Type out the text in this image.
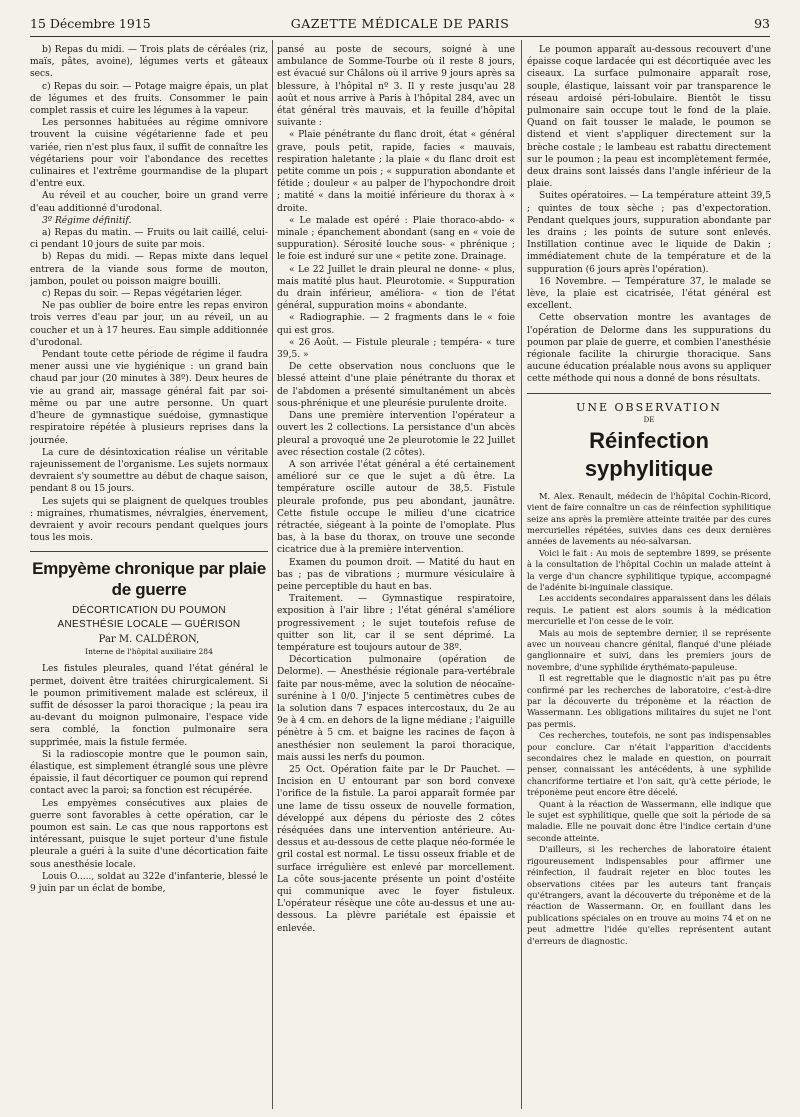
15 Décembre 1915	GAZETTE MÉDICALE DE PARIS	93

b) Repas du midi. — Trois plats de céréales (riz, maïs, pâtes, avoine), légumes verts et gâteaux secs.

c) Repas du soir. — Potage maigre épais, un plat de légumes et des fruits. Consommer le pain complet rassis et cuire les légumes à la vapeur.

Les personnes habituées au régime omnivore trouvent la cuisine végétarienne fade et peu variée, rien n'est plus faux, il suffit de connaître les végétariens pour voir l'abondance des recettes culinaires et l'extrême gourmandise de la plupart d'entre eux.

Au réveil et au coucher, boire un grand verre d'eau additionné d'urodonal.

3º Régime définitif.

a) Repas du matin. — Fruits ou lait caillé, celui-ci pendant 10 jours de suite par mois.

b) Repas du midi. — Repas mixte dans lequel entrera de la viande sous forme de mouton, jambon, poulet ou poisson maigre bouilli.

c) Repas du soir. — Repas végétarien léger.

Ne pas oublier de boire entre les repas environ trois verres d'eau par jour, un au réveil, un au coucher et un à 17 heures. Eau simple additionnée d'urodonal.

Pendant toute cette période de régime il faudra mener aussi une vie hygiénique : un grand bain chaud par jour (20 minutes à 38º). Deux heures de vie au grand air, massage général fait par soi-même ou par une autre personne. Un quart d'heure de gymnastique suédoise, gymnastique respiratoire répétée à plusieurs reprises dans la journée.

La cure de désintoxication réalise un véritable rajeunissement de l'organisme. Les sujets normaux devraient s'y soumettre au début de chaque saison, pendant 8 ou 15 jours.

Les sujets qui se plaignent de quelques troubles : migraines, rhumatismes, névralgies, énervement, devraient y avoir recours pendant quelques jours tous les mois.

Empyème chronique par plaie de guerre
DÉCORTICATION DU POUMON
ANESTHÉSIE LOCALE — GUÉRISON
Par M. CALDÉRON,
Interne de l'hôpital auxiliaire 284

Les fistules pleurales, quand l'état général le permet, doivent être traitées chirurgicalement. Si le poumon primitivement malade est scléreux, il suffit de désosser la paroi thoracique ; la peau ira au-devant du moignon pulmonaire, l'espace vide sera comblé, la fonction pulmonaire sera supprimée, mais la fistule fermée.

Si la radioscopie montre que le poumon sain, élastique, est simplement étranglé sous une plèvre épaissie, il faut décortiquer ce poumon qui reprend contact avec la paroi; sa fonction est récupérée.

Les empyèmes consécutives aux plaies de guerre sont favorables à cette opération, car le poumon est sain. Le cas que nous rapportons est intéressant, puisque le sujet porteur d'une fistule pleurale a guéri à la suite d'une décortication faite sous anesthésie locale.

Louis O....., soldat au 322e d'infanterie, blessé le 9 juin par un éclat de bombe,

pansé au poste de secours, soigné à une ambulance de Somme-Tourbe où il reste 8 jours, est évacué sur Châlons où il arrive 9 jours après sa blessure, à l'hôpital nº 3. Il y reste jusqu'au 28 août et nous arrive à Paris à l'hôpital 284, avec un état général très mauvais, et la feuille d'hôpital suivante :

« Plaie pénétrante du flanc droit, état « général grave, pouls petit, rapide, facies « mauvais, respiration haletante ; la plaie « du flanc droit est petite comme un pois ; « suppuration abondante et fétide ; douleur « au palper de l'hypochondre droit ; matité « dans la moitié inférieure du thorax à « droite.

« Le malade est opéré : Plaie thoraco-abdo- « minale ; épanchement abondant (sang en « voie de suppuration). Sérosité louche sous- « phrénique ; le foie est induré sur une « petite zone. Drainage.

« Le 22 Juillet le drain pleural ne donne- « plus, mais matité plus haut. Pleurotomie. « Suppuration du drain inférieur, améliora- « tion de l'état général, suppuration moins « abondante.

« Radiographie. — 2 fragments dans le « foie qui est gros.

« 26 Août. — Fistule pleurale ; tempéra- « ture 39,5. »

De cette observation nous concluons que le blessé atteint d'une plaie pénétrante du thorax et de l'abdomen a présenté simultanément un abcès sous-phrénique et une pleurésie purulente droite.

Dans une première intervention l'opérateur a ouvert les 2 collections. La persistance d'un abcès pleural a provoqué une 2e pleurotomie le 22 Juillet avec résection costale (2 côtes).

A son arrivée l'état général a été certainement amélioré sur ce que le sujet a dû être. La température oscille autour de 38,5. Fistule pleurale profonde, pus peu abondant, jaunâtre. Cette fistule occupe le milieu d'une cicatrice rétractée, siégeant à la pointe de l'omoplate. Plus bas, à la base du thorax, on trouve une seconde cicatrice due à la première intervention.

Examen du poumon droit. — Matité du haut en bas ; pas de vibrations ; murmure vésiculaire à peine perceptible du haut en bas.

Traitement. — Gymnastique respiratoire, exposition à l'air libre ; l'état général s'améliore progressivement ; le sujet toutefois refuse de quitter son lit, car il se sent déprimé. La température est toujours autour de 38º.

Décortication pulmonaire (opération de Delorme). — Anesthésie régionale para-vertébrale faite par nous-même, avec la solution de néocaïne-surénine à 1 0/0. J'injecte 5 centimètres cubes de la solution dans 7 espaces intercostaux, du 2e au 9e à 4 cm. en dehors de la ligne médiane ; l'aiguille pénètre à 5 cm. et baigne les racines de façon à anesthésier non seulement la paroi thoracique, mais aussi les nerfs du poumon.

25 Oct. Opération faite par le Dr Pauchet. — Incision en U entourant par son bord convexe l'orifice de la fistule. La paroi apparaît formée par une lame de tissu osseux de nouvelle formation, développé aux dépens du périoste des 2 côtes réséquées dans une intervention antérieure. Au-dessus et au-dessous de cette plaque néo-formée le gril costal est normal. Le tissu osseux friable et de surface irrégulière est enlevé par morcellement. La côte sous-jacente présente un point d'ostéite qui communique avec le foyer fistuleux. L'opérateur résèque une côte au-dessus et une au-dessous. La plèvre pariétale est épaissie et enlevée.

Le poumon apparaît au-dessous recouvert d'une épaisse coque lardacée qui est décortiquée avec les ciseaux. La surface pulmonaire apparaît rose, souple, élastique, laissant voir par transparence le réseau ardoisé péri-lobulaire. Bientôt le tissu pulmonaire sain occupe tout le fond de la plaie. Quand on fait tousser le malade, le poumon se distend et vient s'appliquer directement sur la brèche costale ; le lambeau est rabattu directement sur le poumon ; la peau est incomplètement fermée, deux drains sont laissés dans l'angle inférieur de la plaie.

Suites opératoires. — La température atteint 39,5 ; quintes de toux sèche ; pas d'expectoration. Pendant quelques jours, suppuration abondante par les drains ; les points de suture sont enlevés. Instillation continue avec le liquide de Dakin ; immédiatement chute de la température et de la suppuration (6 jours après l'opération).

16 Novembre. — Température 37, le malade se lève, la plaie est cicatrisée, l'état général est excellent.

Cette observation montre les avantages de l'opération de Delorme dans les suppurations du poumon par plaie de guerre, et combien l'anesthésie régionale facilite la chirurgie thoracique. Sans aucune éducation préalable nous avons su appliquer cette méthode qui nous a donné de bons résultats.

UNE OBSERVATION
DE
Réinfection syphylitique

M. Alex. Renault, médecin de l'hôpital Cochin-Ricord, vient de faire connaître un cas de réinfection syphilitique seize ans après la première atteinte traitée par des cures mercurielles répétées, suivies dans ces deux dernières années de lavements au néo-salvarsan.

Voici le fait : Au mois de septembre 1899, se présente à la consultation de l'hôpital Cochin un malade atteint à la verge d'un chancre syphilitique typique, accompagné de l'adénite bi-inguinale classique.

Les accidents secondaires apparaissent dans les délais requis. Le patient est alors soumis à la médication mercurielle et l'on cesse de le voir.

Mais au mois de septembre dernier, il se représente avec un nouveau chancre génital, flanqué d'une pléiade ganglionnaire et suivi, dans les premiers jours de novembre, d'une syphilide érythémato-papuleuse.

Il est regrettable que le diagnostic n'ait pas pu être confirmé par les recherches de laboratoire, c'est-à-dire par la découverte du tréponème et la réaction de Wassermann. Les obligations militaires du sujet ne l'ont pas permis.

Ces recherches, toutefois, ne sont pas indispensables pour conclure. Car n'était l'apparition d'accidents secondaires chez le malade en question, on pourrait penser, connaissant les antécédents, à une syphilide chancriforme tertiaire et l'on sait, qu'à cette période, le tréponème peut encore être décelé.

Quant à la réaction de Wassermann, elle indique que le sujet est syphilitique, quelle que soit la période de sa maladie. Elle ne pouvait donc être l'indice certain d'une seconde atteinte.

D'ailleurs, si les recherches de laboratoire étaient rigoureusement indispensables pour affirmer une réinfection, il faudrait rejeter en bloc toutes les observations citées par les auteurs tant français qu'étrangers, avant la découverte du tréponème et de la réaction de Wassermann. Or, en fouillant dans les publications spéciales on en trouve au moins 74 et on ne peut admettre l'idée qu'elles représentent autant d'erreurs de diagnostic.
